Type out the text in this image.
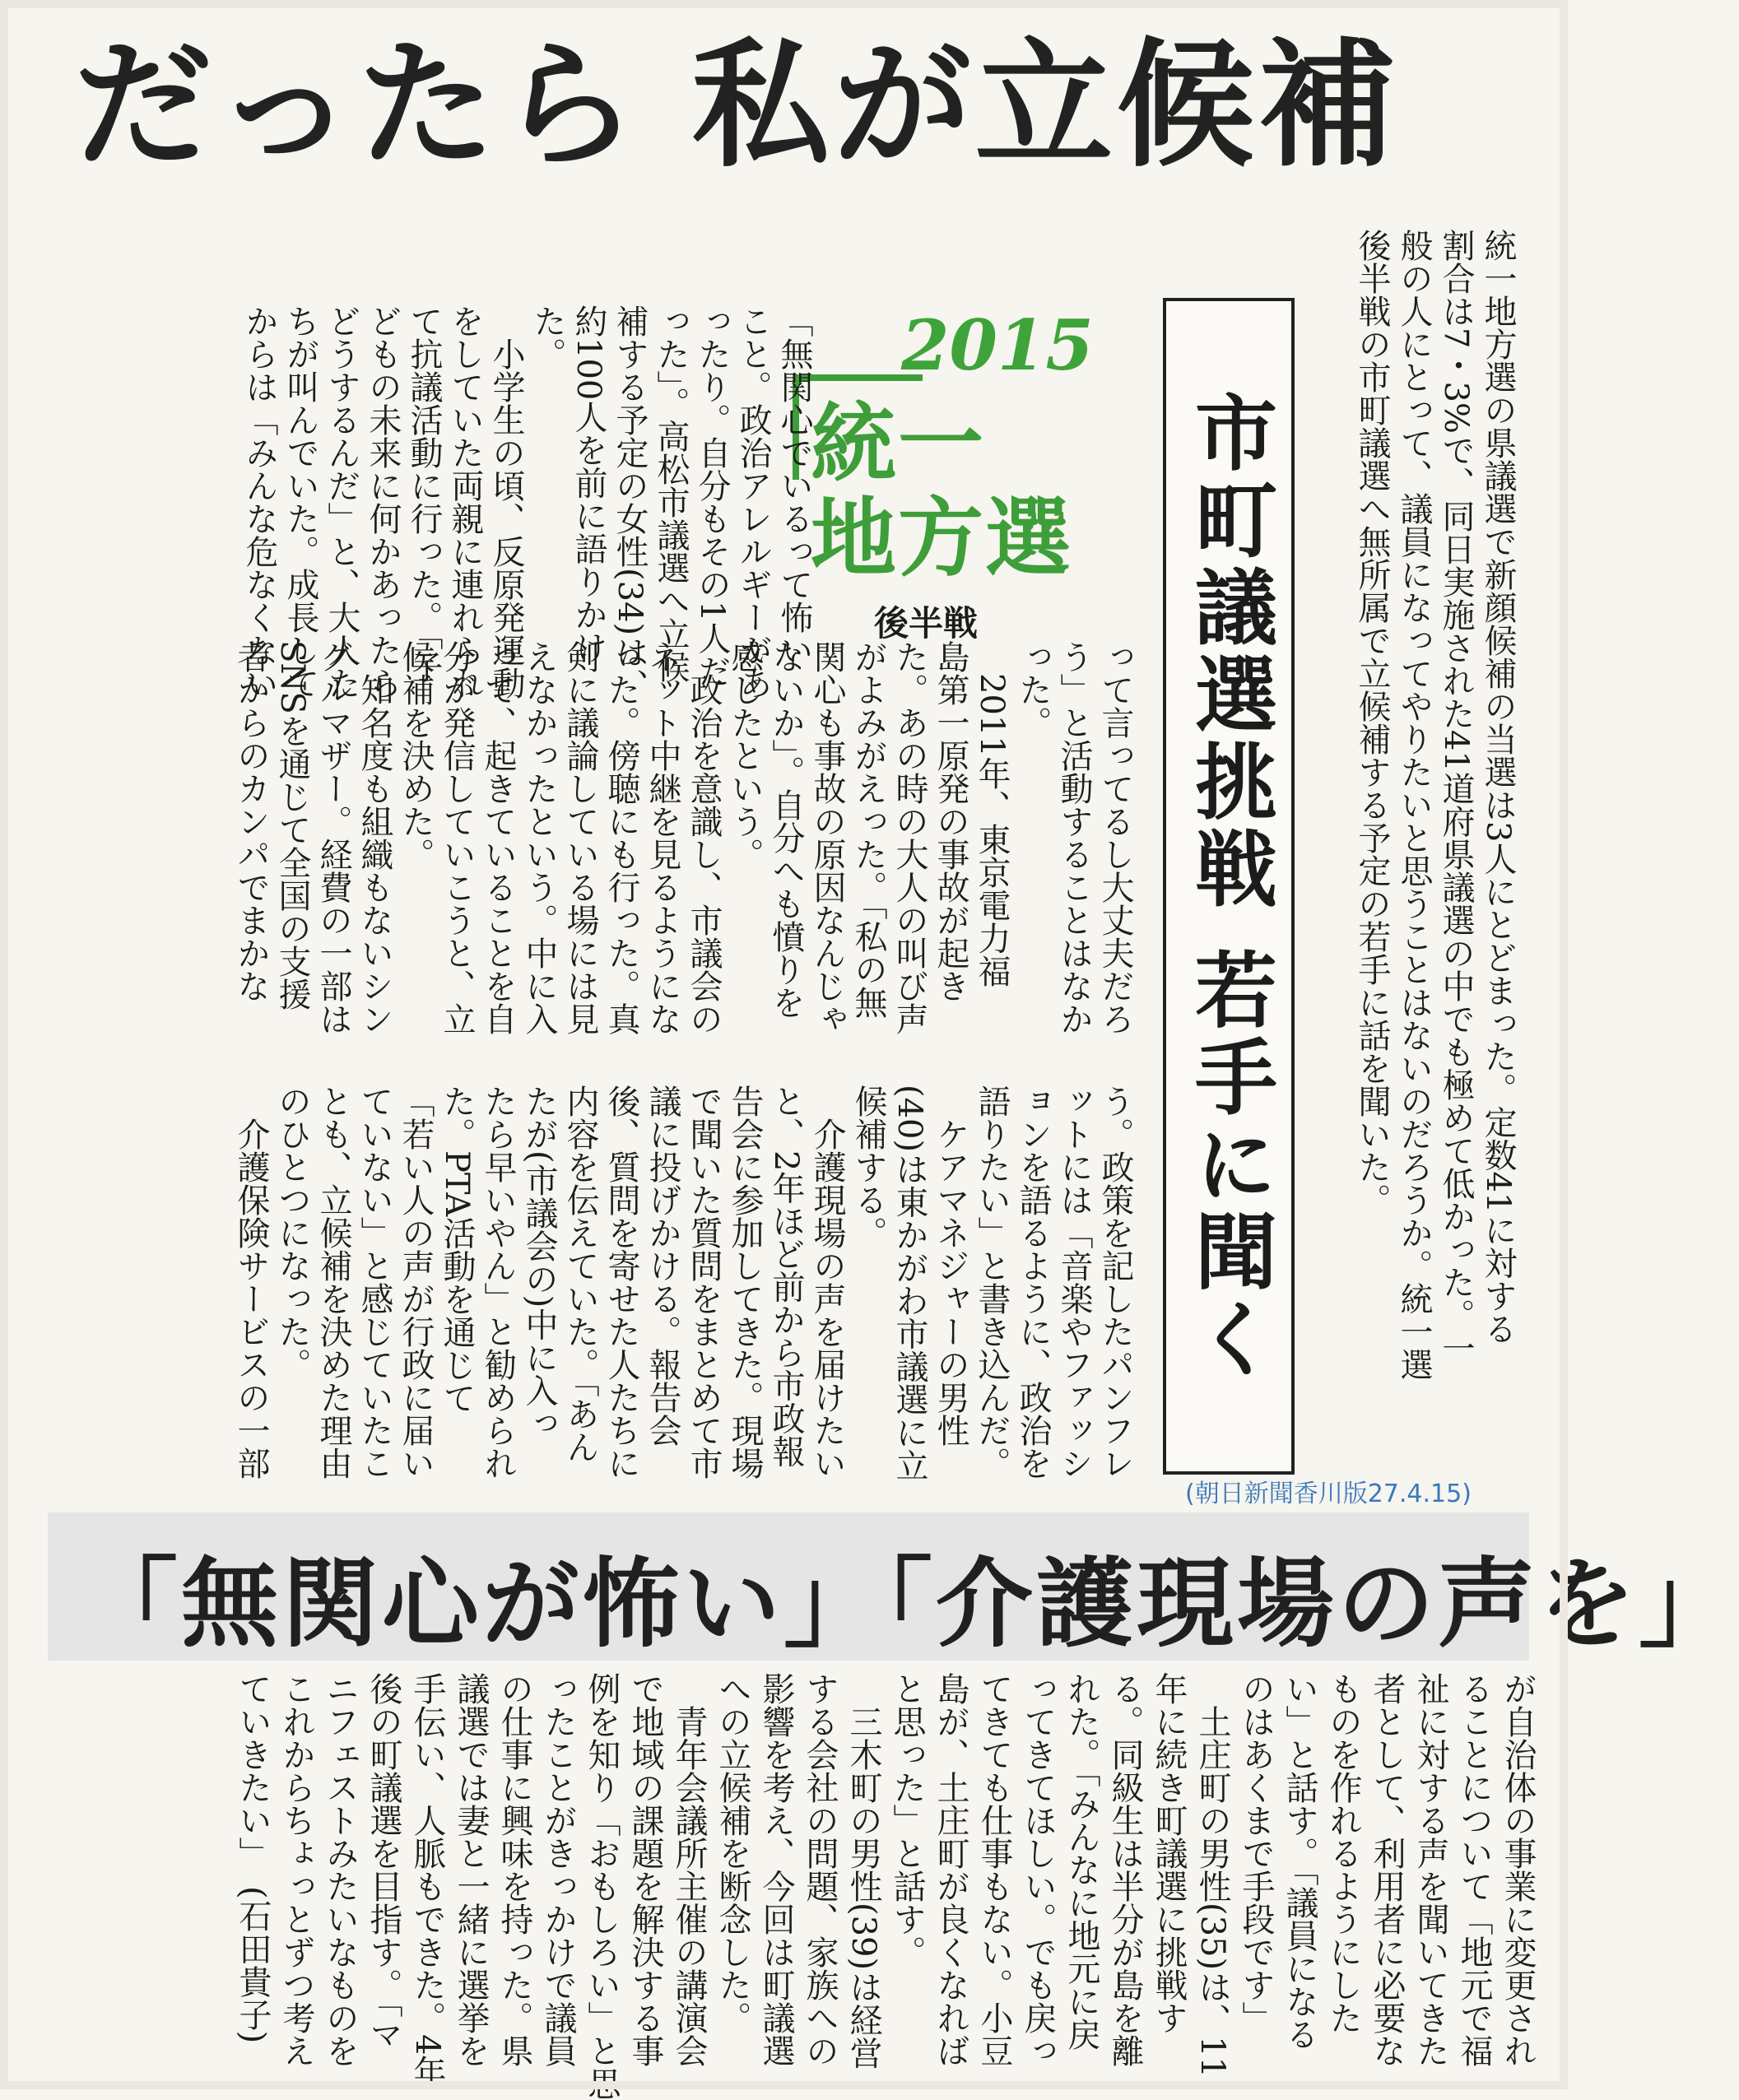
だったら 私が立候補
統一地方選の県議選で新顔候補の当選は3人にとどまった。定数41に対する
割合は7・3%で、同日実施された41道府県議選の中でも極めて低かった。一
般の人にとって、議員になってやりたいと思うことはないのだろうか。統一選
後半戦の市町議選へ無所属で立候補する予定の若手に話を聞いた。
市町議選挑戦 若手に聞く
2015
統一
地方選
後半戦

って言ってるし大丈夫だろ
う」と活動することはなか
った。
　2011年、東京電力福
島第一原発の事故が起き
た。あの時の大人の叫び声
がよみがえった。「私の無
関心も事故の原因なんじゃ
ないか」。自分へも憤りを
感じたという。
　政治を意識し、市議会の
ネット中継を見るようにな
った。傍聴にも行った。真
剣に議論している場には見
えなかったという。中に入
って、起きていることを自
分が発信していこうと、立
候補を決めた。
　知名度も組織もないシン
グルマザー。経費の一部は
SNSを通じて全国の支援
者からのカンパでまかな

「無関心でいるって怖い
こと。政治アレルギーがあ
ったり。自分もその1人だ
った」。高松市議選へ立候
補する予定の女性(34)は、
約100人を前に語りかけ
た。
　小学生の頃、反原発運動
をしていた両親に連れられ
て抗議活動に行った。「子
どもの未来に何かあったら
どうするんだ」と、大人た
ちが叫んでいた。成長して
からは「みんな危なくない

う。政策を記したパンフレ
ットには「音楽やファッシ
ョンを語るように、政治を
語りたい」と書き込んだ。
　ケアマネジャーの男性
(40)は東かがわ市議選に立
候補する。
　介護現場の声を届けたい
と、2年ほど前から市政報
告会に参加してきた。現場
で聞いた質問をまとめて市
議に投げかける。報告会
後、質問を寄せた人たちに
内容を伝えていた。「あん
たが(市議会の)中に入っ
たら早いやん」と勧められ
た。PTA活動を通じて
「若い人の声が行政に届い
ていない」と感じていたこ
とも、立候補を決めた理由
のひとつになった。
　介護保険サービスの一部

(朝日新聞香川版27.4.15)
「無関心が怖い」「介護現場の声を」
が自治体の事業に変更され
ることについて「地元で福
祉に対する声を聞いてきた
者として、利用者に必要な
ものを作れるようにした
い」と話す。「議員になる
のはあくまで手段です」
　土庄町の男性(35)は、11
年に続き町議選に挑戦す
る。同級生は半分が島を離
れた。「みんなに地元に戻
ってきてほしい。でも戻っ
てきても仕事もない。小豆
島が、土庄町が良くなれば
と思った」と話す。
　三木町の男性(39)は経営
する会社の問題、家族への
影響を考え、今回は町議選
への立候補を断念した。
　青年会議所主催の講演会
で地域の課題を解決する事
例を知り「おもしろい」と思
ったことがきっかけで議員
の仕事に興味を持った。県
議選では妻と一緒に選挙を
手伝い、人脈もできた。4年
後の町議選を目指す。「マ
ニフェストみたいなものを
これからちょっとずつ考え
ていきたい」　(石田貴子)
